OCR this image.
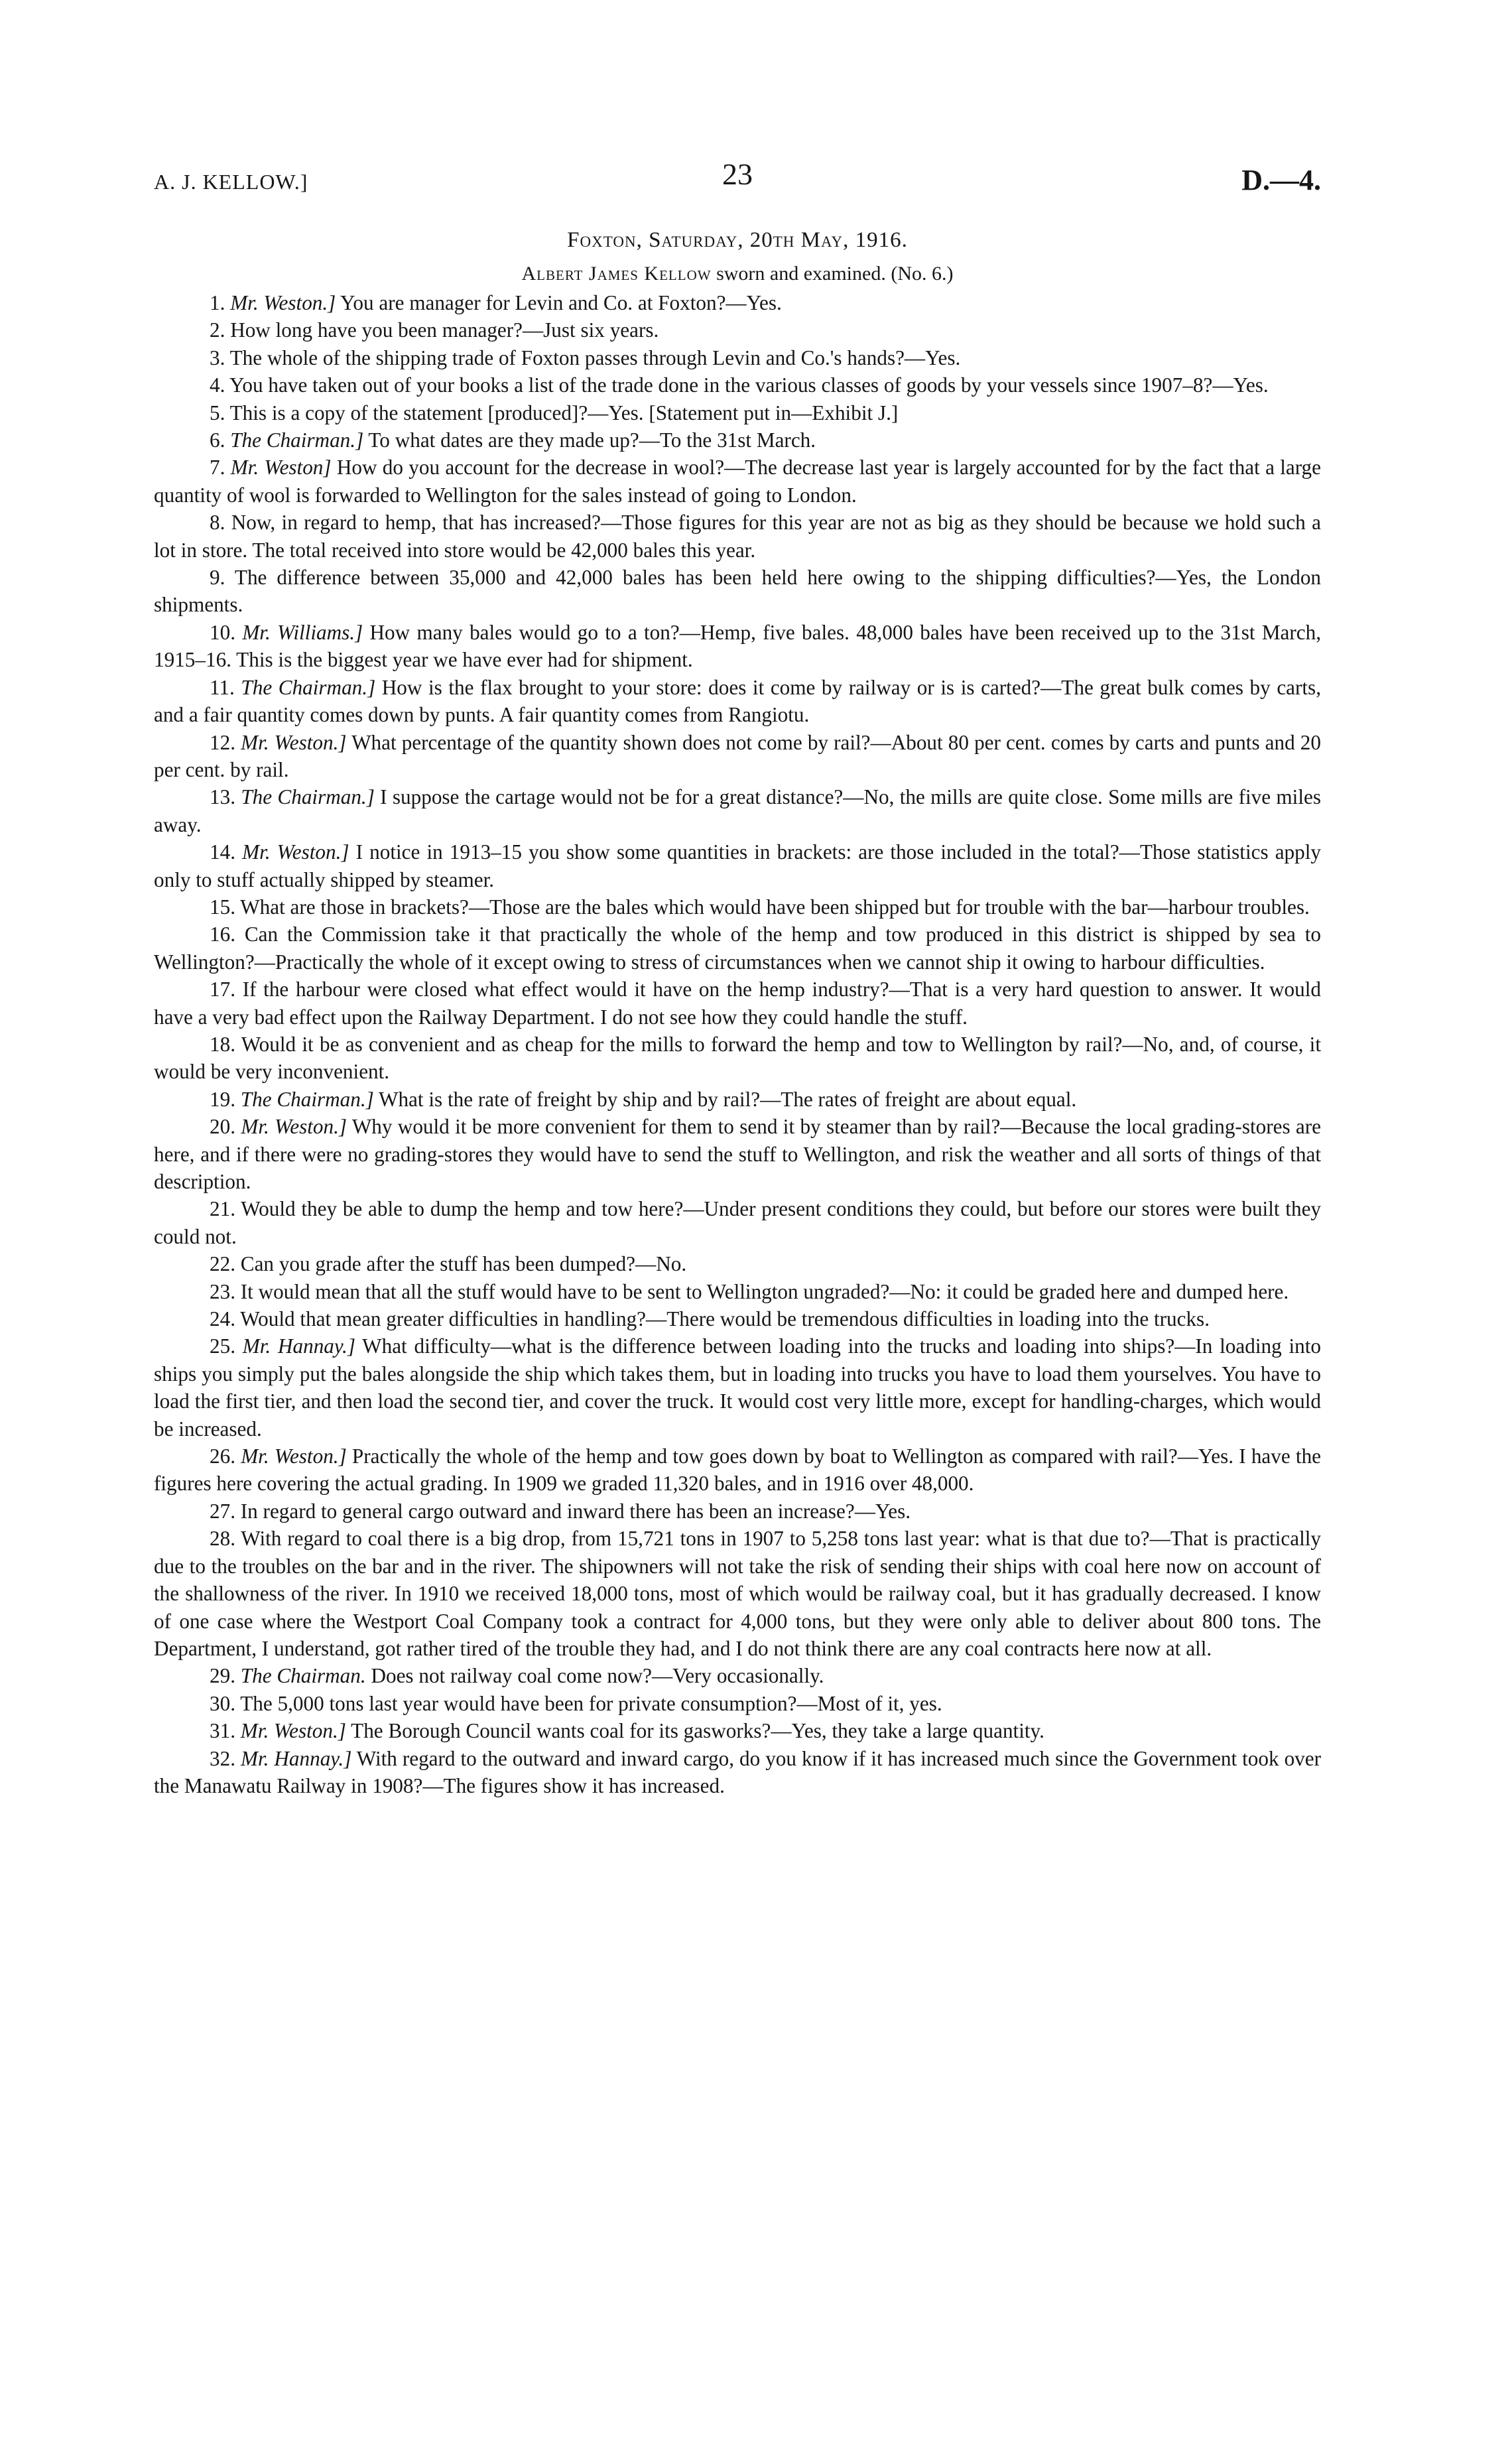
A. J. KELLOW.]	23	D.—4.
Foxton, Saturday, 20th May, 1916.
Albert James Kellow sworn and examined. (No. 6.)

1. Mr. Weston.] You are manager for Levin and Co. at Foxton?—Yes.

2. How long have you been manager?—Just six years.

3. The whole of the shipping trade of Foxton passes through Levin and Co.'s hands?—Yes.

4. You have taken out of your books a list of the trade done in the various classes of goods by your vessels since 1907–8?—Yes.

5. This is a copy of the statement [produced]?—Yes. [Statement put in—Exhibit J.]

6. The Chairman.] To what dates are they made up?—To the 31st March.

7. Mr. Weston] How do you account for the decrease in wool?—The decrease last year is largely accounted for by the fact that a large quantity of wool is forwarded to Wellington for the sales instead of going to London.

8. Now, in regard to hemp, that has increased?—Those figures for this year are not as big as they should be because we hold such a lot in store. The total received into store would be 42,000 bales this year.

9. The difference between 35,000 and 42,000 bales has been held here owing to the shipping difficulties?—Yes, the London shipments.

10. Mr. Williams.] How many bales would go to a ton?—Hemp, five bales. 48,000 bales have been received up to the 31st March, 1915–16. This is the biggest year we have ever had for shipment.

11. The Chairman.] How is the flax brought to your store: does it come by railway or is is carted?—The great bulk comes by carts, and a fair quantity comes down by punts. A fair quantity comes from Rangiotu.

12. Mr. Weston.] What percentage of the quantity shown does not come by rail?—About 80 per cent. comes by carts and punts and 20 per cent. by rail.

13. The Chairman.] I suppose the cartage would not be for a great distance?—No, the mills are quite close. Some mills are five miles away.

14. Mr. Weston.] I notice in 1913–15 you show some quantities in brackets: are those included in the total?—Those statistics apply only to stuff actually shipped by steamer.

15. What are those in brackets?—Those are the bales which would have been shipped but for trouble with the bar—harbour troubles.

16. Can the Commission take it that practically the whole of the hemp and tow produced in this district is shipped by sea to Wellington?—Practically the whole of it except owing to stress of circumstances when we cannot ship it owing to harbour difficulties.

17. If the harbour were closed what effect would it have on the hemp industry?—That is a very hard question to answer. It would have a very bad effect upon the Railway Department. I do not see how they could handle the stuff.

18. Would it be as convenient and as cheap for the mills to forward the hemp and tow to Wellington by rail?—No, and, of course, it would be very inconvenient.

19. The Chairman.] What is the rate of freight by ship and by rail?—The rates of freight are about equal.

20. Mr. Weston.] Why would it be more convenient for them to send it by steamer than by rail?—Because the local grading-stores are here, and if there were no grading-stores they would have to send the stuff to Wellington, and risk the weather and all sorts of things of that description.

21. Would they be able to dump the hemp and tow here?—Under present conditions they could, but before our stores were built they could not.

22. Can you grade after the stuff has been dumped?—No.

23. It would mean that all the stuff would have to be sent to Wellington ungraded?—No: it could be graded here and dumped here.

24. Would that mean greater difficulties in handling?—There would be tremendous difficulties in loading into the trucks.

25. Mr. Hannay.] What difficulty—what is the difference between loading into the trucks and loading into ships?—In loading into ships you simply put the bales alongside the ship which takes them, but in loading into trucks you have to load them yourselves. You have to load the first tier, and then load the second tier, and cover the truck. It would cost very little more, except for handling-charges, which would be increased.

26. Mr. Weston.] Practically the whole of the hemp and tow goes down by boat to Wellington as compared with rail?—Yes. I have the figures here covering the actual grading. In 1909 we graded 11,320 bales, and in 1916 over 48,000.

27. In regard to general cargo outward and inward there has been an increase?—Yes.

28. With regard to coal there is a big drop, from 15,721 tons in 1907 to 5,258 tons last year: what is that due to?—That is practically due to the troubles on the bar and in the river. The shipowners will not take the risk of sending their ships with coal here now on account of the shallowness of the river. In 1910 we received 18,000 tons, most of which would be railway coal, but it has gradually decreased. I know of one case where the Westport Coal Company took a contract for 4,000 tons, but they were only able to deliver about 800 tons. The Department, I understand, got rather tired of the trouble they had, and I do not think there are any coal contracts here now at all.

29. The Chairman. Does not railway coal come now?—Very occasionally.

30. The 5,000 tons last year would have been for private consumption?—Most of it, yes.

31. Mr. Weston.] The Borough Council wants coal for its gasworks?—Yes, they take a large quantity.

32. Mr. Hannay.] With regard to the outward and inward cargo, do you know if it has increased much since the Government took over the Manawatu Railway in 1908?—The figures show it has increased.
